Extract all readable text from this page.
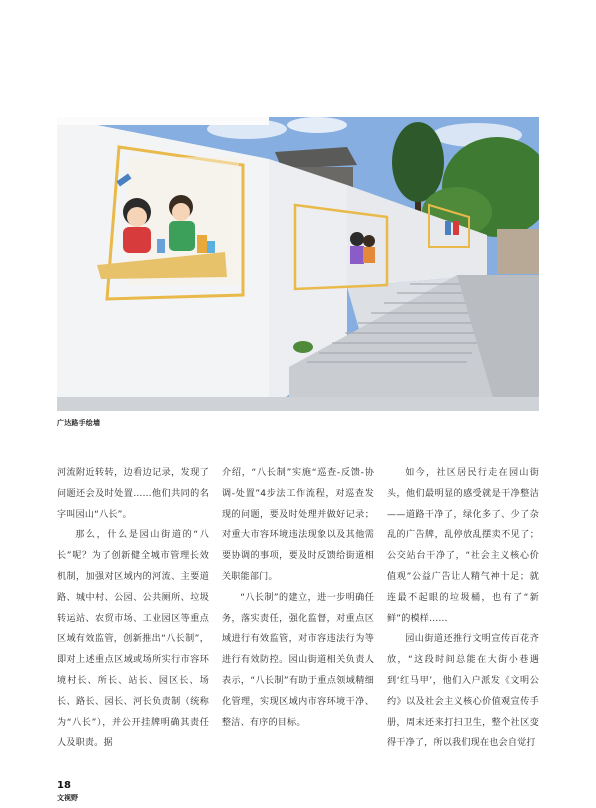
广达路手绘墙

河流附近转转，边看边记录，发现了问题还会及时处置……他们共同的名字叫园山“八长”。

那么，什么是园山街道的“八长”呢？为了创新健全城市管理长效机制，加强对区域内的河流、主要道路、城中村、公园、公共厕所、垃圾转运站、农贸市场、工业园区等重点区域有效监管，创新推出“八长制”，即对上述重点区域或场所实行市容环境村长、所长、站长、园区长、场长、路长、园长、河长负责制（统称为“八长”），并公开挂牌明确其责任人及职责。据

介绍，“八长制”实施“巡查-反馈-协调-处置”4步法工作流程，对巡查发现的问题，要及时处理并做好记录；对重大市容环境违法现象以及其他需要协调的事项，要及时反馈给街道相关职能部门。

“八长制”的建立，进一步明确任务，落实责任，强化监督，对重点区域进行有效监管，对市容违法行为等进行有效防控。园山街道相关负责人表示，“八长制”有助于重点领域精细化管理，实现区域内市容环境干净、整洁、有序的目标。

如今，社区居民行走在园山街头，他们最明显的感受就是干净整洁——道路干净了，绿化多了、少了杂乱的广告牌，乱停放乱摆卖不见了；公交站台干净了，“社会主义核心价值观”公益广告让人精气神十足；就连最不起眼的垃圾桶，也有了“新鲜”的模样……

园山街道还推行文明宣传百花齐放，“这段时间总能在大街小巷遇到‘红马甲’，他们入户派发《文明公约》以及社会主义核心价值观宣传手册，周末还来打扫卫生，整个社区变得干净了，所以我们现在也会自觉打

18
文视野
